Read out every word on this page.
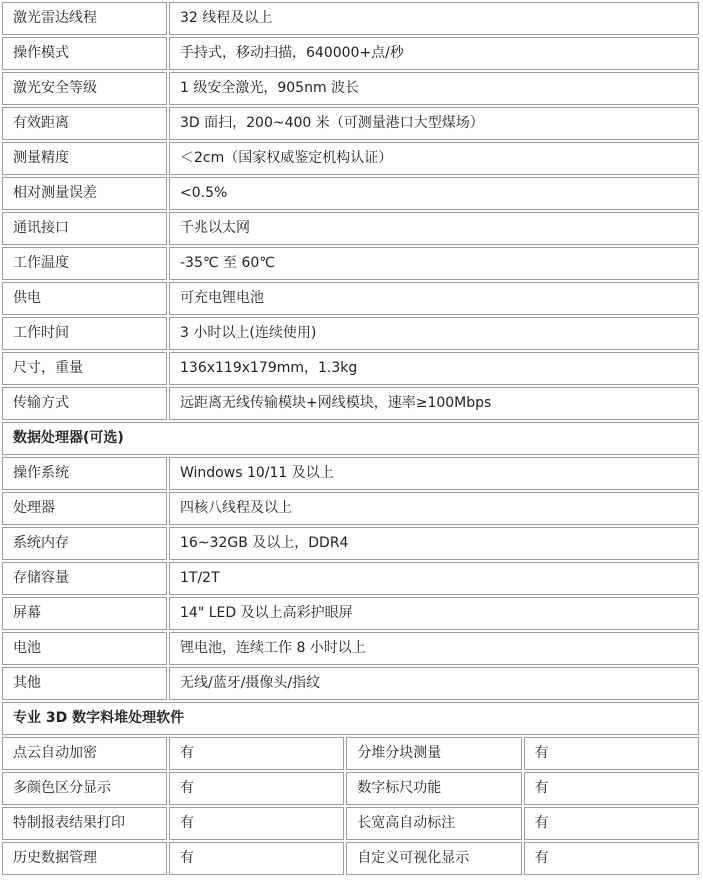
激光雷达线程	32 线程及以上		
操作模式	手持式，移动扫描，640000+点/秒		
激光安全等级	1 级安全激光，905nm 波长		
有效距离	3D 面扫，200~400 米（可测量港口大型煤场）		
测量精度	＜2cm（国家权威鉴定机构认证）		
相对测量误差	<0.5%		
通讯接口	千兆以太网		
工作温度	-35℃ 至 60℃		
供电	可充电锂电池		
工作时间	3 小时以上(连续使用)		
尺寸，重量	136x119x179mm，1.3kg		
传输方式	远距离无线传输模块+网线模块，速率≥100Mbps		
数据处理器(可选)			
操作系统	Windows 10/11 及以上		
处理器	四核八线程及以上		
系统内存	16~32GB 及以上，DDR4		
存储容量	1T/2T		
屏幕	14" LED 及以上高彩护眼屏		
电池	锂电池，连续工作 8 小时以上		
其他	无线/蓝牙/摄像头/指纹		
专业 3D 数字料堆处理软件			
点云自动加密	有	分堆分块测量	有
多颜色区分显示	有	数字标尺功能	有
特制报表结果打印	有	长宽高自动标注	有
历史数据管理	有	自定义可视化显示	有
